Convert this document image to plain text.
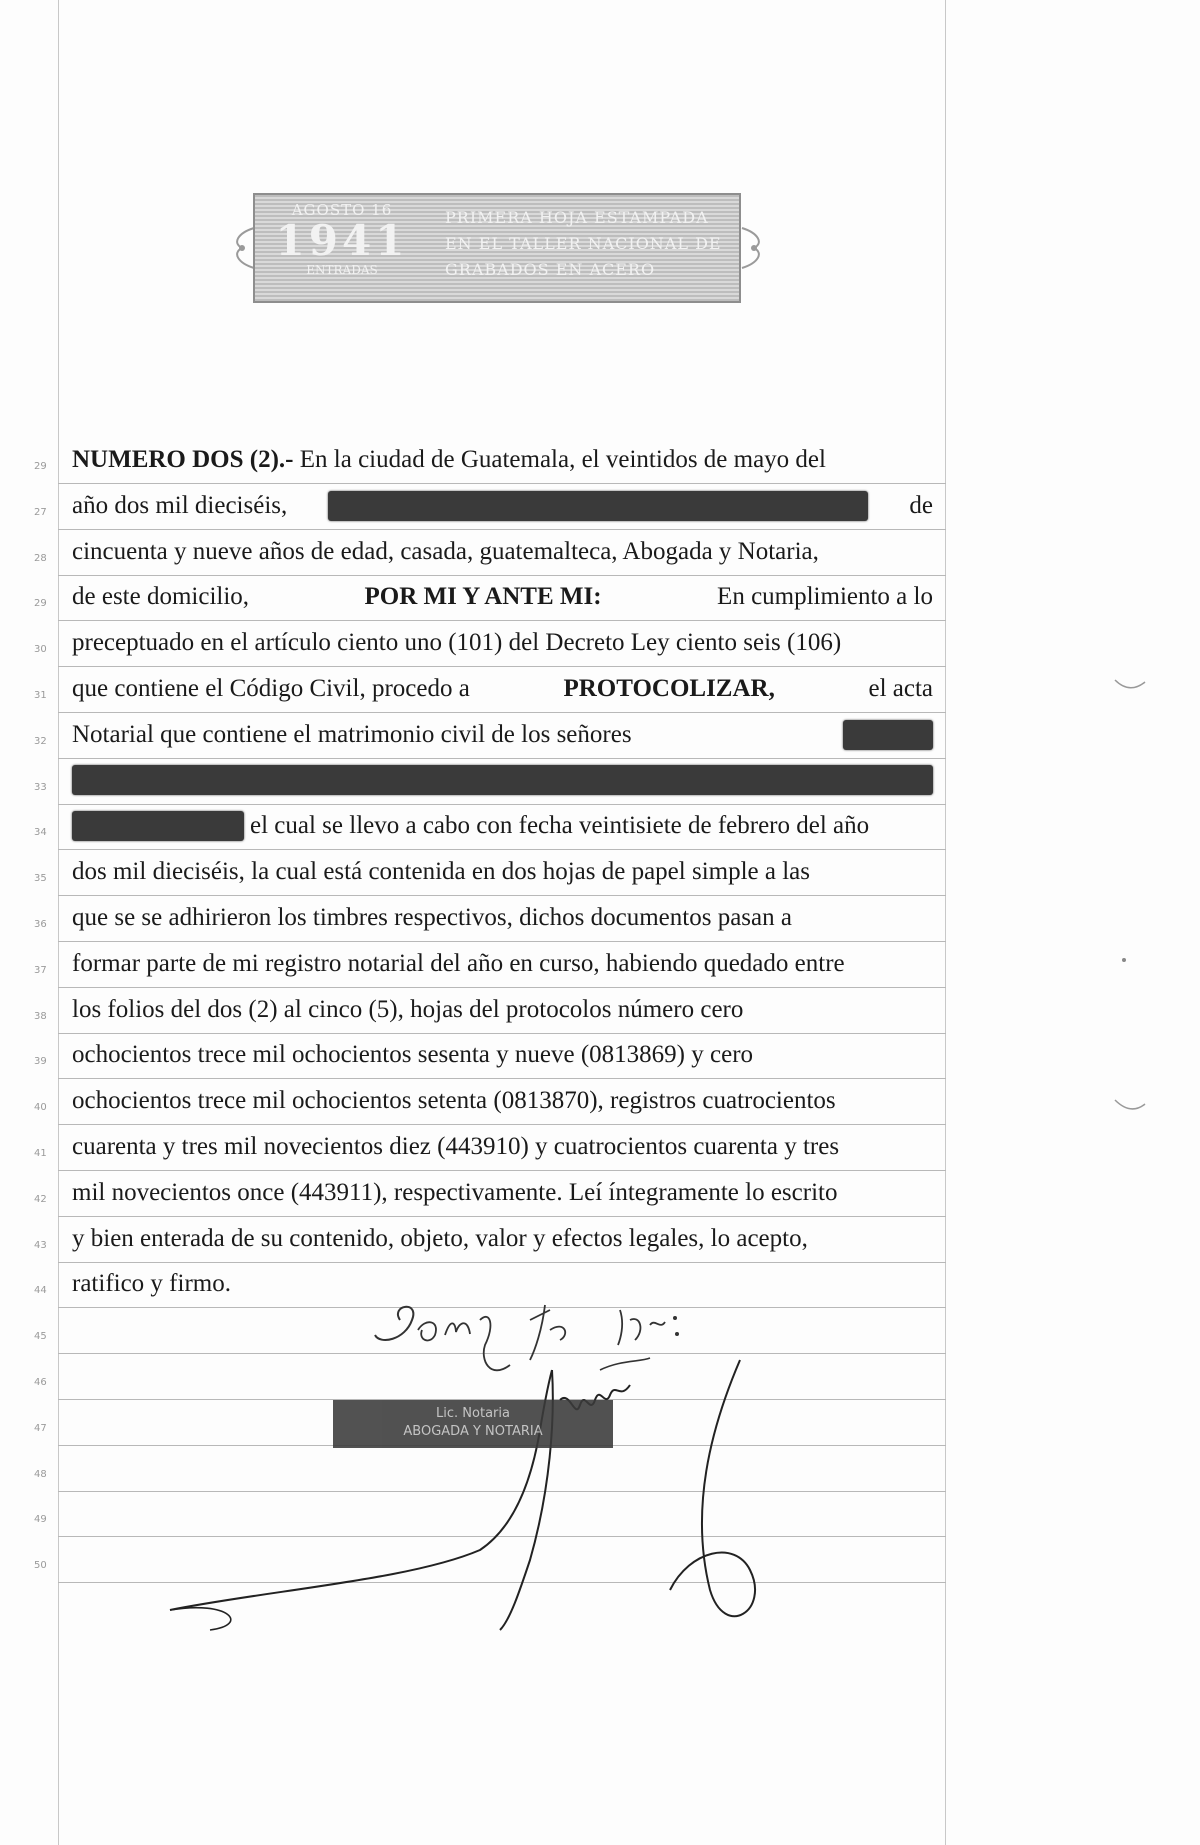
29
27
28
29
30
31
32
33
34
35
36
37
38
39
40
41
42
43
44
45
46
47
48
49
50
AGOSTO 16
1941
ENTRADAS
PRIMERA HOJA ESTAMPADA
EN EL TALLER NACIONAL DE
GRABADOS EN ACERO
NUMERO DOS (2).- En la ciudad de Guatemala, el veintidos de mayo del
año dos mil dieciséis,	de
cincuenta y nueve años de edad, casada, guatemalteca, Abogada y Notaria,
de este domicilio,	POR MI Y ANTE MI:	En cumplimiento a lo
preceptuado en el artículo ciento uno (101) del Decreto Ley ciento seis (106)
que contiene el Código Civil, procedo a	PROTOCOLIZAR,	el acta
Notarial que contiene el matrimonio civil de los señores
el cual se llevo a cabo con fecha veintisiete de febrero del año
dos mil dieciséis, la cual está contenida en dos hojas de papel simple a las
que se se adhirieron los timbres respectivos, dichos documentos pasan a
formar parte de mi registro notarial del año en curso, habiendo quedado entre
los folios del dos (2) al cinco (5), hojas del protocolos número cero
ochocientos trece mil ochocientos sesenta y nueve (0813869) y cero
ochocientos trece mil ochocientos setenta (0813870), registros cuatrocientos
cuarenta y tres mil novecientos diez (443910) y cuatrocientos cuarenta y tres
mil novecientos once (443911), respectivamente. Leí íntegramente lo escrito
y bien enterada de su contenido, objeto, valor y efectos legales, lo acepto,
ratifico y firmo.
Lic. Notaria
ABOGADA Y NOTARIA
